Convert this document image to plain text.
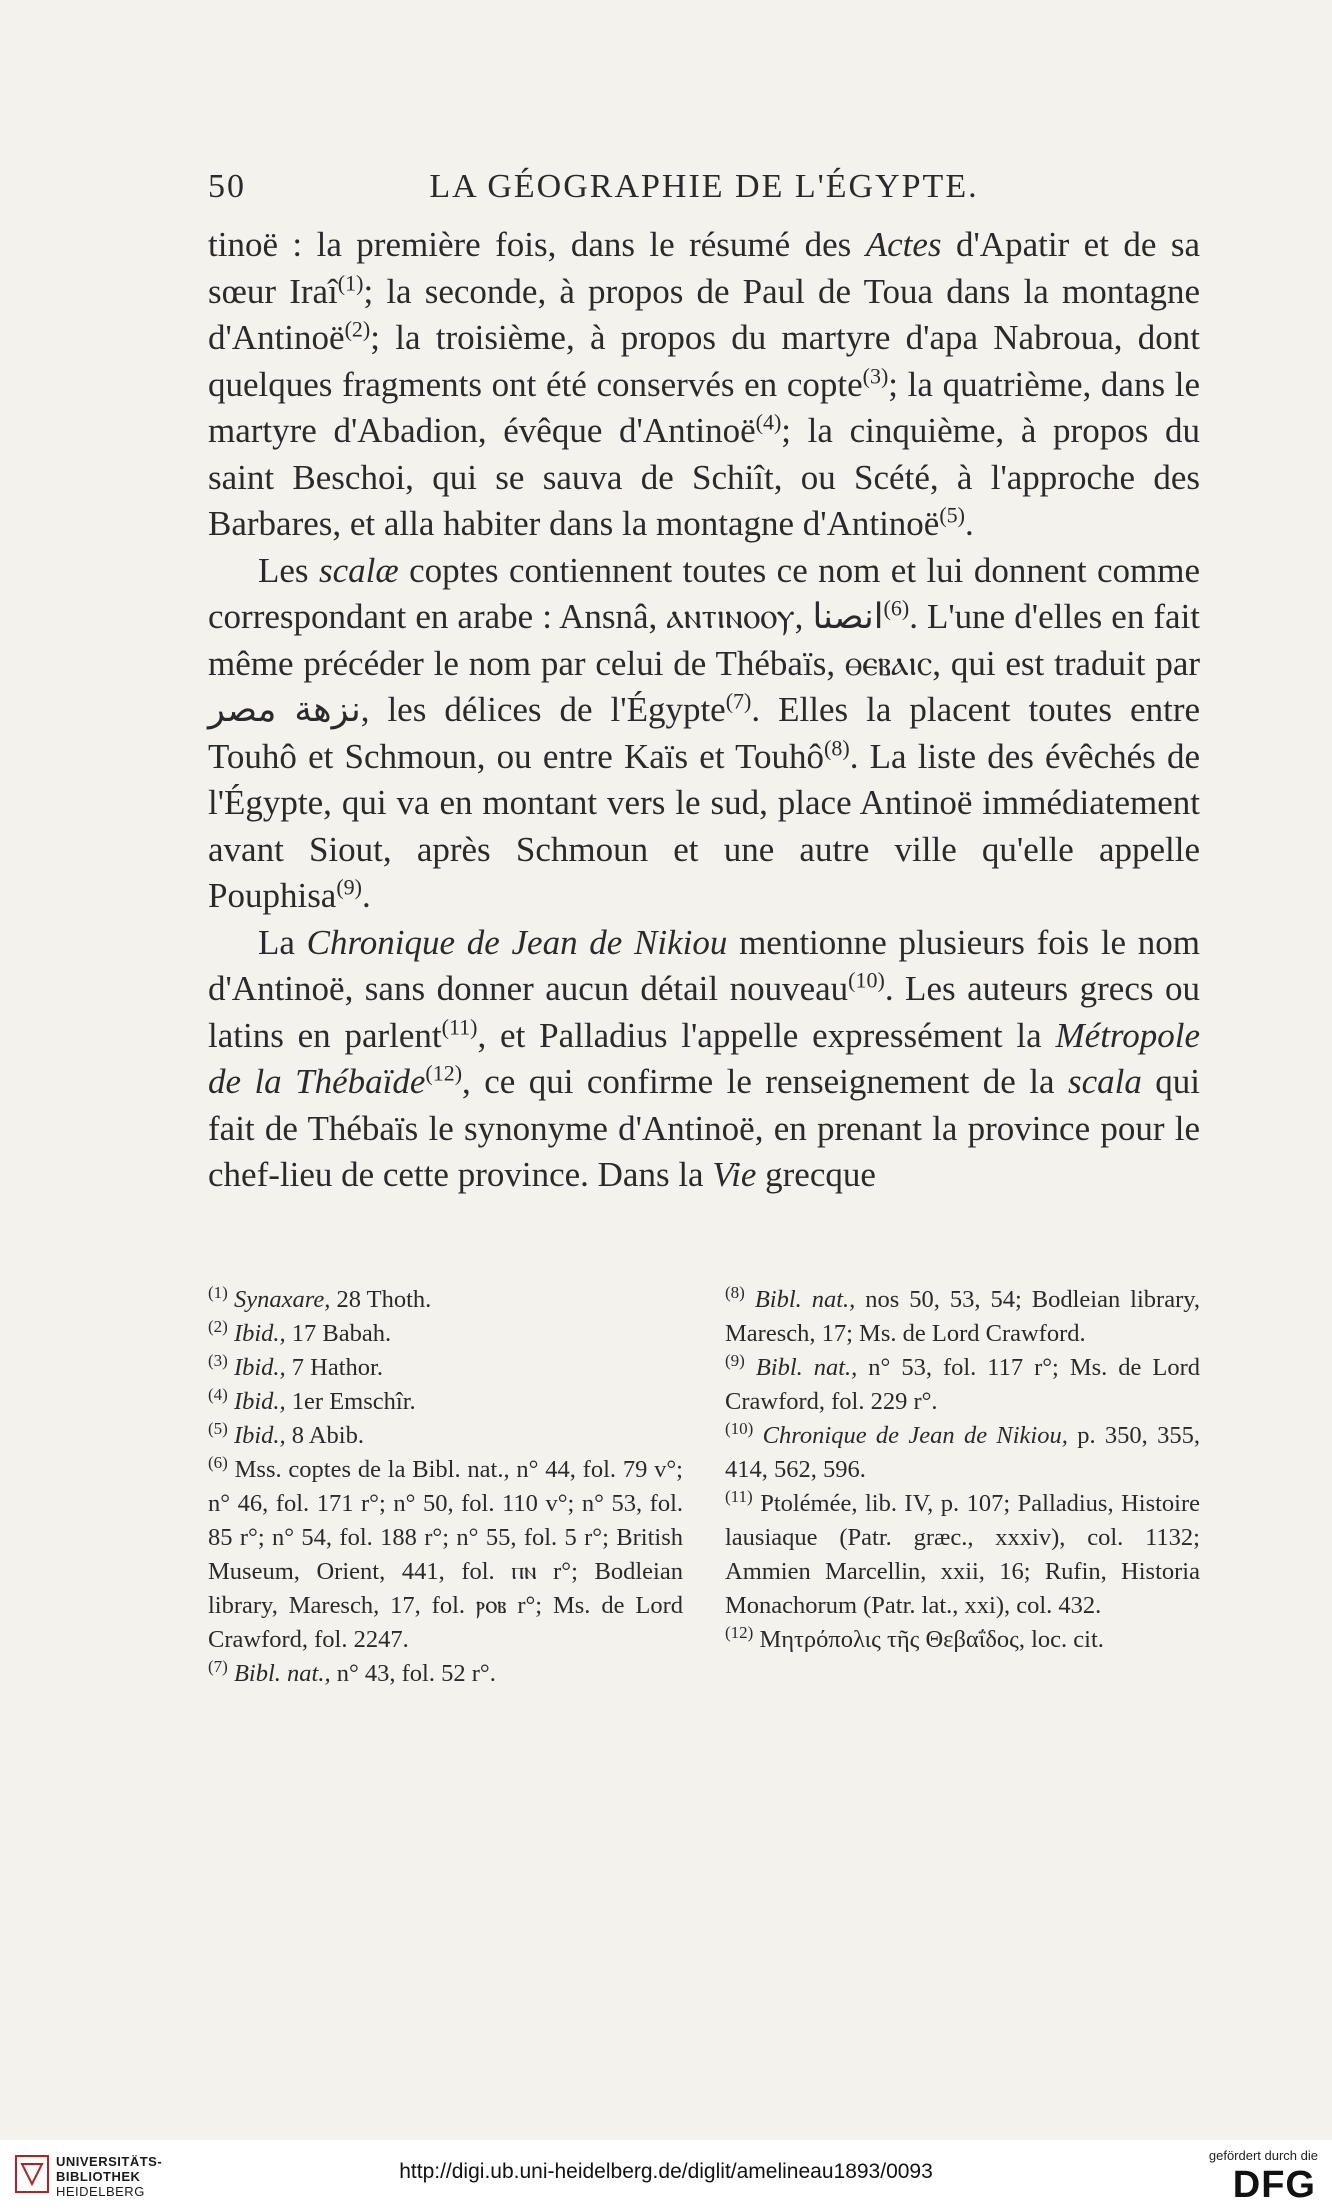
50	LA GÉOGRAPHIE DE L'ÉGYPTE.

tinoë : la première fois, dans le résumé des Actes d'Apatir et de sa sœur Iraî$^{(1)}$; la seconde, à propos de Paul de Toua dans la montagne d'Antinoë$^{(2)}$; la troisième, à propos du martyre d'apa Nabroua, dont quelques fragments ont été conservés en copte$^{(3)}$; la quatrième, dans le martyre d'Abadion, évêque d'Antinoë$^{(4)}$; la cinquième, à propos du saint Beschoi, qui se sauva de Schiît, ou Scété, à l'approche des Barbares, et alla habiter dans la montagne d'Antinoë$^{(5)}$.

Les scalæ coptes contiennent toutes ce nom et lui donnent comme correspondant en arabe : Ansnâ, ⲁⲛⲧⲓⲛⲟⲟⲩ, انصنا$^{(6)}$. L'une d'elles en fait même précéder le nom par celui de Thébaïs, ⲑⲉⲃⲁⲓⲥ, qui est traduit par نزهة مصر, les délices de l'Égypte$^{(7)}$. Elles la placent toutes entre Touhô et Schmoun, ou entre Kaïs et Touhô$^{(8)}$. La liste des évêchés de l'Égypte, qui va en montant vers le sud, place Antinoë immédiatement avant Siout, après Schmoun et une autre ville qu'elle appelle Pouphisa$^{(9)}$.

La Chronique de Jean de Nikiou mentionne plusieurs fois le nom d'Antinoë, sans donner aucun détail nouveau$^{(10)}$. Les auteurs grecs ou latins en parlent$^{(11)}$, et Palladius l'appelle expressément la Métropole de la Thébaïde$^{(12)}$, ce qui confirme le renseignement de la scala qui fait de Thébaïs le synonyme d'Antinoë, en prenant la province pour le chef-lieu de cette province. Dans la Vie grecque

$^{(1)}$ Synaxare, 28 Thoth.

$^{(2)}$ Ibid., 17 Babah.

$^{(3)}$ Ibid., 7 Hathor.

$^{(4)}$ Ibid., 1er Emschîr.

$^{(5)}$ Ibid., 8 Abib.

$^{(6)}$ Mss. coptes de la Bibl. nat., n° 44, fol. 79 v°; n° 46, fol. 171 r°; n° 50, fol. 110 v°; n° 53, fol. 85 r°; n° 54, fol. 188 r°; n° 55, fol. 5 r°; British Museum, Orient, 441, fol. ⲡⲛ r°; Bodleian library, Maresch, 17, fol. ⲣⲟⲃ r°; Ms. de Lord Crawford, fol. 2247.

$^{(7)}$ Bibl. nat., n° 43, fol. 52 r°.

$^{(8)}$ Bibl. nat., nos 50, 53, 54; Bodleian library, Maresch, 17; Ms. de Lord Crawford.

$^{(9)}$ Bibl. nat., n° 53, fol. 117 r°; Ms. de Lord Crawford, fol. 229 r°.

$^{(10)}$ Chronique de Jean de Nikiou, p. 350, 355, 414, 562, 596.

$^{(11)}$ Ptolémée, lib. IV, p. 107; Palladius, Histoire lausiaque (Patr. græc., xxxiv), col. 1132; Ammien Marcellin, xxii, 16; Rufin, Historia Monachorum (Patr. lat., xxi), col. 432.

$^{(12)}$ Μητρόπολις τῆς Θεβαΐδος, loc. cit.

UNIVERSITÄTS-
BIBLIOTHEK
HEIDELBERG
http://digi.ub.uni-heidelberg.de/diglit/amelineau1893/0093
gefördert durch die
DFG
